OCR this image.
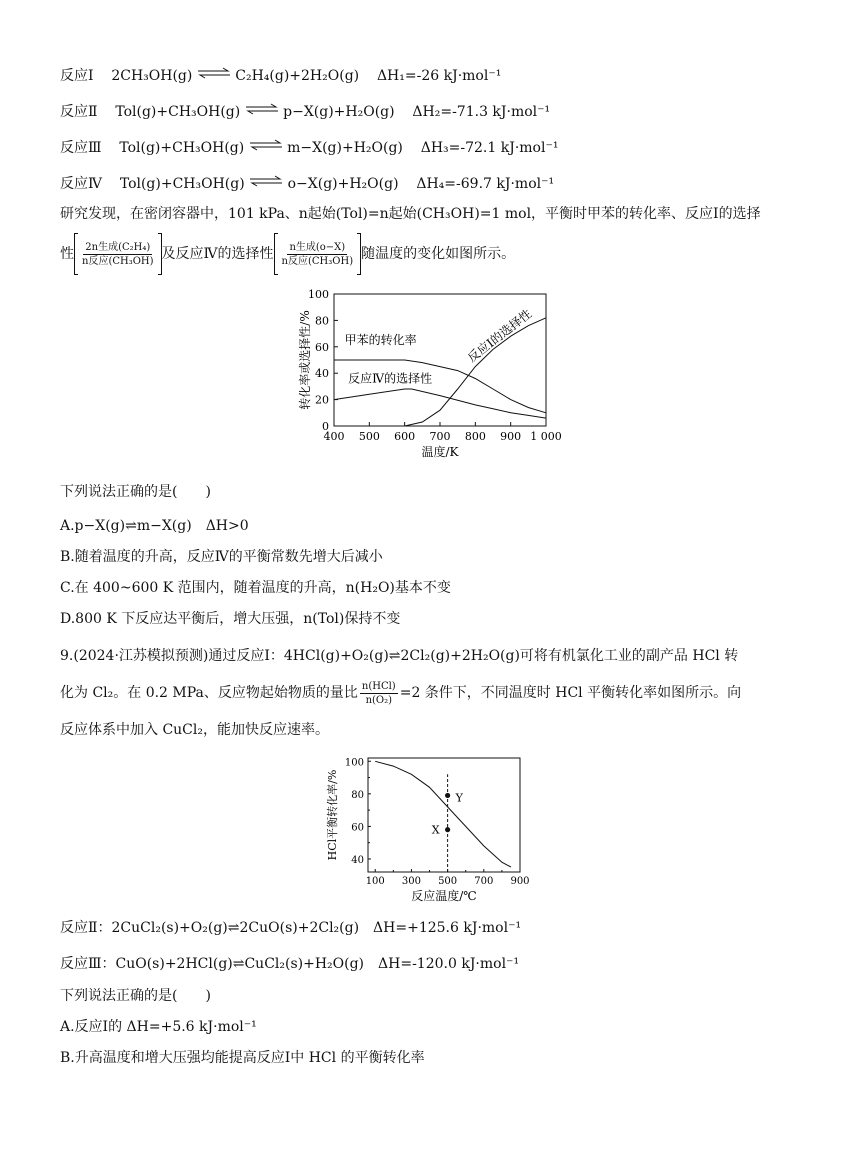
反应Ⅰ 2CH₃OH(g) ⇌ C₂H₄(g)+2H₂O(g) ΔH₁=-26 kJ·mol⁻¹
反应Ⅱ Tol(g)+CH₃OH(g) ⇌ p−X(g)+H₂O(g) ΔH₂=-71.3 kJ·mol⁻¹
反应Ⅲ Tol(g)+CH₃OH(g) ⇌ m−X(g)+H₂O(g) ΔH₃=-72.1 kJ·mol⁻¹
反应Ⅳ Tol(g)+CH₃OH(g) ⇌ o−X(g)+H₂O(g) ΔH₄=-69.7 kJ·mol⁻¹
研究发现，在密闭容器中，101 kPa、n起始(Tol)=n起始(CH₃OH)=1 mol，平衡时甲苯的转化率、反应Ⅰ的选择
性 $\frac{\text{2n生成(C₂H₄)}}{\text{n反应(CH₃OH)}}$ 及反应Ⅳ的选择性 $\frac{\text{n生成(o−X)}}{\text{n反应(CH₃OH)}}$ 随温度的变化如图所示。
400 500 600 700 800 900 1 000
0
20
40
60
80
100
温度/K
转化率或选择性/%	甲苯的转化率
反应Ⅳ的选择性
反应Ⅰ的选择性
下列说法正确的是(　　)
A.p−X(g)⇌m−X(g)　ΔH>0
B.随着温度的升高，反应Ⅳ的平衡常数先增大后减小
C.在 400~600 K 范围内，随着温度的升高，n(H₂O)基本不变
D.800 K 下反应达平衡后，增大压强，n(Tol)保持不变
9.(2024·江苏模拟预测)通过反应Ⅰ：4HCl(g)+O₂(g)⇌2Cl₂(g)+2H₂O(g)可将有机氯化工业的副产品 HCl 转
化为 Cl₂。在 0.2 MPa、反应物起始物质的量比 $\frac{\text{n(HCl)}}{\text{n(O₂)}} =2$ 条件下，不同温度时 HCl 平衡转化率如图所示。向
反应体系中加入 CuCl₂，能加快反应速率。
100 300 500 700 900
40
60
80
100
反应温度/℃
HCl平衡转化率/%	Y
X
反应Ⅱ：2CuCl₂(s)+O₂(g)⇌2CuO(s)+2Cl₂(g)　ΔH=+125.6 kJ·mol⁻¹
反应Ⅲ：CuO(s)+2HCl(g)⇌CuCl₂(s)+H₂O(g)　ΔH=-120.0 kJ·mol⁻¹
下列说法正确的是(　　)
A.反应Ⅰ的 ΔH=+5.6 kJ·mol⁻¹
B.升高温度和增大压强均能提高反应Ⅰ中 HCl 的平衡转化率
